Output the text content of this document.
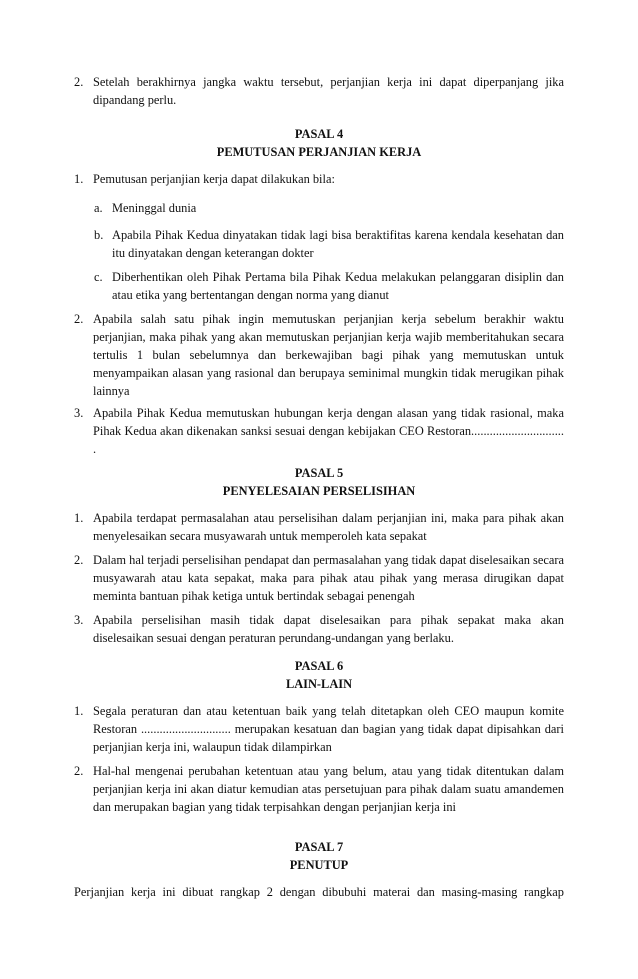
2. Setelah berakhirnya jangka waktu tersebut, perjanjian kerja ini dapat diperpanjang jika dipandang perlu.
PASAL 4
PEMUTUSAN PERJANJIAN KERJA
1. Pemutusan perjanjian kerja dapat dilakukan bila:
a. Meninggal dunia
b. Apabila Pihak Kedua dinyatakan tidak lagi bisa beraktifitas karena kendala kesehatan dan itu dinyatakan dengan keterangan dokter
c. Diberhentikan oleh Pihak Pertama bila Pihak Kedua melakukan pelanggaran disiplin dan atau etika yang bertentangan dengan norma yang dianut
2. Apabila salah satu pihak ingin memutuskan perjanjian kerja sebelum berakhir waktu perjanjian, maka pihak yang akan memutuskan perjanjian kerja wajib memberitahukan secara tertulis 1 bulan sebelumnya dan berkewajiban bagi pihak yang memutuskan untuk menyampaikan alasan yang rasional dan berupaya seminimal mungkin tidak merugikan pihak lainnya
3. Apabila Pihak Kedua memutuskan hubungan kerja dengan alasan yang tidak rasional, maka Pihak Kedua akan dikenakan sanksi sesuai dengan kebijakan CEO Restoran.............................. .
PASAL 5
PENYELESAIAN PERSELISIHAN
1. Apabila terdapat permasalahan atau perselisihan dalam perjanjian ini, maka para pihak akan menyelesaikan secara musyawarah untuk memperoleh kata sepakat
2. Dalam hal terjadi perselisihan pendapat dan permasalahan yang tidak dapat diselesaikan secara musyawarah atau kata sepakat, maka para pihak atau pihak yang merasa dirugikan dapat meminta bantuan pihak ketiga untuk bertindak sebagai penengah
3. Apabila perselisihan masih tidak dapat diselesaikan para pihak sepakat maka akan diselesaikan sesuai dengan peraturan perundang-undangan yang berlaku.
PASAL 6
LAIN-LAIN
1. Segala peraturan dan atau ketentuan baik yang telah ditetapkan oleh CEO maupun komite Restoran ............................. merupakan kesatuan dan bagian yang tidak dapat dipisahkan dari perjanjian kerja ini, walaupun tidak dilampirkan
2. Hal-hal mengenai perubahan ketentuan atau yang belum, atau yang tidak ditentukan dalam perjanjian kerja ini akan diatur kemudian atas persetujuan para pihak dalam suatu amandemen dan merupakan bagian yang tidak terpisahkan dengan perjanjian kerja ini
PASAL 7
PENUTUP
Perjanjian kerja ini dibuat rangkap 2 dengan dibubuhi materai dan masing-masing rangkap
